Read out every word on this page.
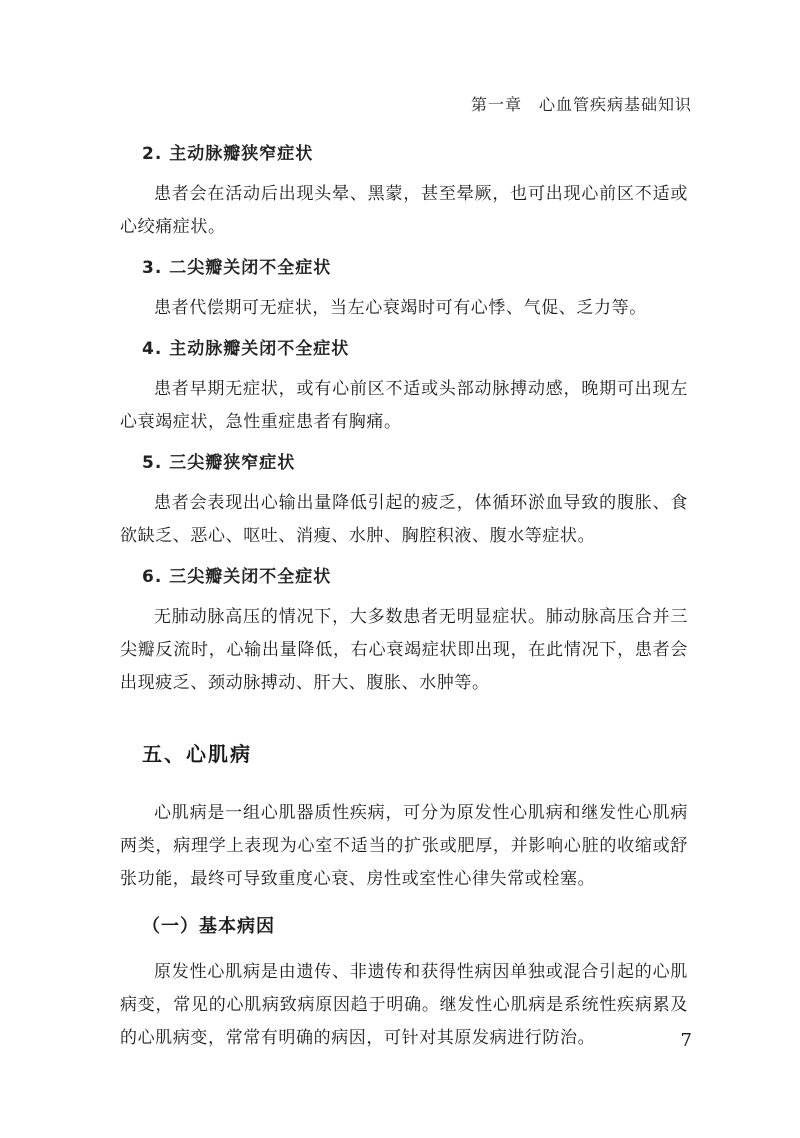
第一章　心血管疾病基础知识
2. 主动脉瓣狭窄症状

患者会在活动后出现头晕、黑蒙，甚至晕厥，也可出现心前区不适或心绞痛症状。

3. 二尖瓣关闭不全症状

患者代偿期可无症状，当左心衰竭时可有心悸、气促、乏力等。

4. 主动脉瓣关闭不全症状

患者早期无症状，或有心前区不适或头部动脉搏动感，晚期可出现左心衰竭症状，急性重症患者有胸痛。

5. 三尖瓣狭窄症状

患者会表现出心输出量降低引起的疲乏，体循环淤血导致的腹胀、食欲缺乏、恶心、呕吐、消瘦、水肿、胸腔积液、腹水等症状。

6. 三尖瓣关闭不全症状

无肺动脉高压的情况下，大多数患者无明显症状。肺动脉高压合并三尖瓣反流时，心输出量降低，右心衰竭症状即出现，在此情况下，患者会出现疲乏、颈动脉搏动、肝大、腹胀、水肿等。

五、心肌病

心肌病是一组心肌器质性疾病，可分为原发性心肌病和继发性心肌病两类，病理学上表现为心室不适当的扩张或肥厚，并影响心脏的收缩或舒张功能，最终可导致重度心衰、房性或室性心律失常或栓塞。

（一）基本病因

原发性心肌病是由遗传、非遗传和获得性病因单独或混合引起的心肌病变，常见的心肌病致病原因趋于明确。继发性心肌病是系统性疾病累及的心肌病变，常常有明确的病因，可针对其原发病进行防治。	7
